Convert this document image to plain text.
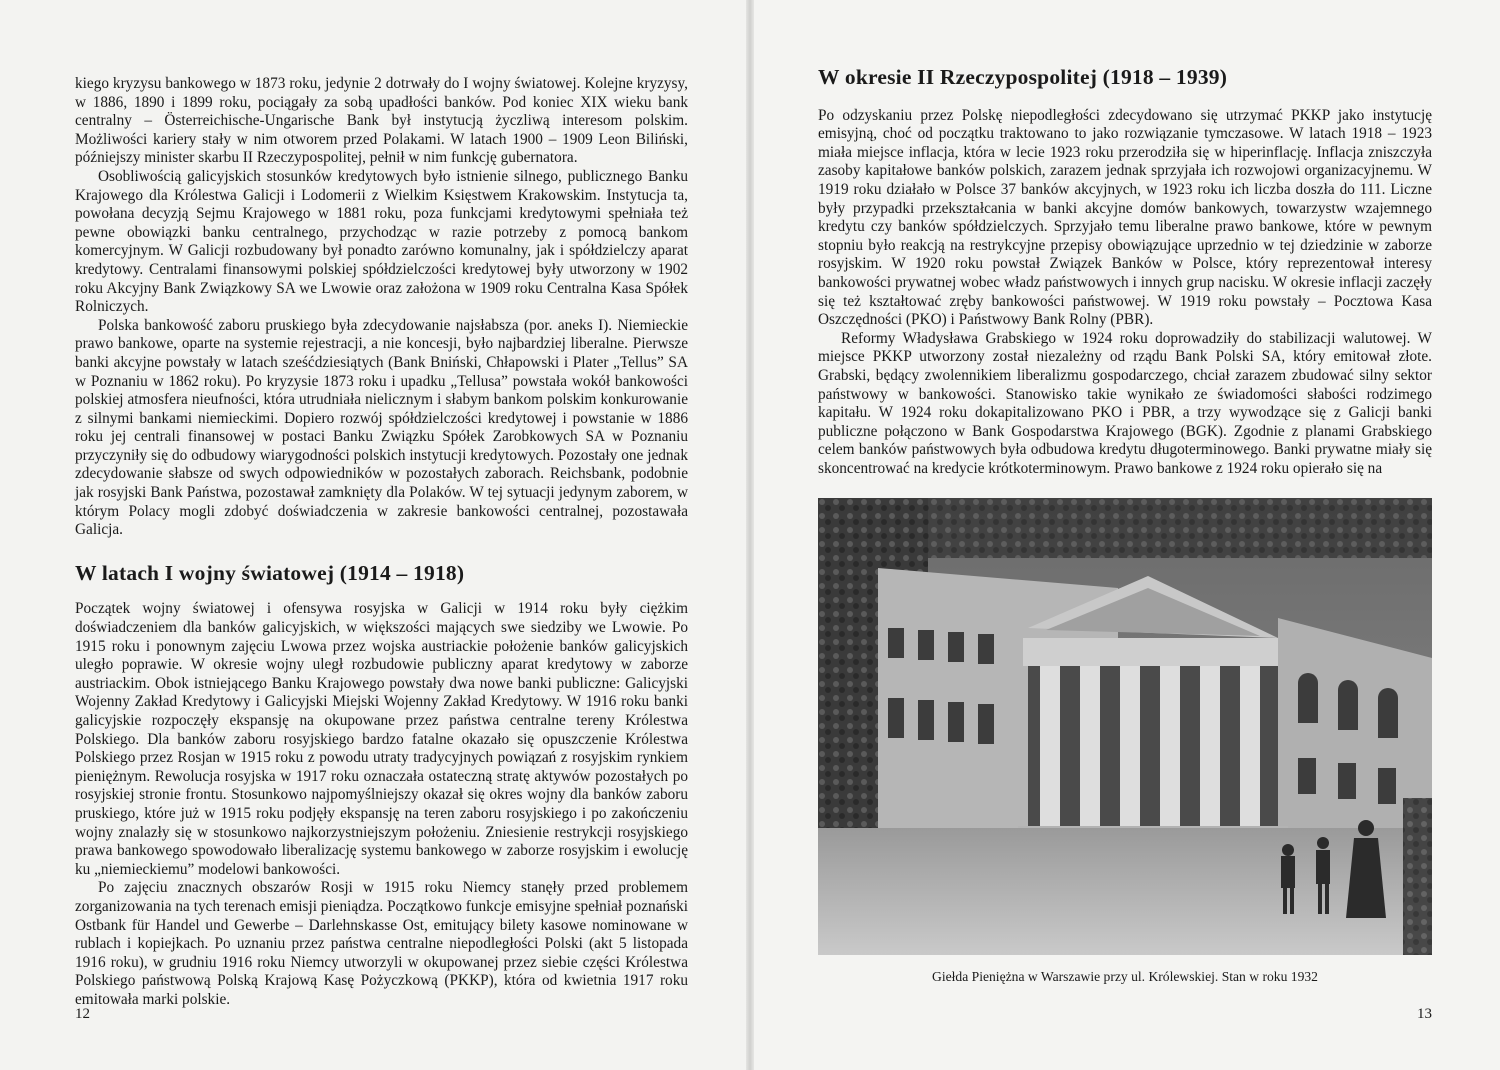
kiego kryzysu bankowego w 1873 roku, jedynie 2 dotrwały do I wojny światowej. Kolejne kryzysy, w 1886, 1890 i 1899 roku, pociągały za sobą upadłości banków. Pod koniec XIX wieku bank centralny – Österreichische-Ungarische Bank był instytucją życzliwą interesom polskim. Możliwości kariery stały w nim otworem przed Polakami. W latach 1900 – 1909 Leon Biliński, późniejszy minister skarbu II Rzeczypospolitej, pełnił w nim funkcję gubernatora.

Osobliwością galicyjskich stosunków kredytowych było istnienie silnego, publicznego Banku Krajowego dla Królestwa Galicji i Lodomerii z Wielkim Księstwem Krakowskim. Instytucja ta, powołana decyzją Sejmu Krajowego w 1881 roku, poza funkcjami kredytowymi spełniała też pewne obowiązki banku centralnego, przychodząc w razie potrzeby z pomocą bankom komercyjnym. W Galicji rozbudowany był ponadto zarówno komunalny, jak i spółdzielczy aparat kredytowy. Centralami finansowymi polskiej spółdzielczości kredytowej były utworzony w 1902 roku Akcyjny Bank Związkowy SA we Lwowie oraz założona w 1909 roku Centralna Kasa Spółek Rolniczych.

Polska bankowość zaboru pruskiego była zdecydowanie najsłabsza (por. aneks I). Niemieckie prawo bankowe, oparte na systemie rejestracji, a nie koncesji, było najbardziej liberalne. Pierwsze banki akcyjne powstały w latach sześćdziesiątych (Bank Bniński, Chłapowski i Plater „Tellus” SA w Poznaniu w 1862 roku). Po kryzysie 1873 roku i upadku „Tellusa” powstała wokół bankowości polskiej atmosfera nieufności, która utrudniała nielicznym i słabym bankom polskim konkurowanie z silnymi bankami niemieckimi. Dopiero rozwój spółdzielczości kredytowej i powstanie w 1886 roku jej centrali finansowej w postaci Banku Związku Spółek Zarobkowych SA w Poznaniu przyczyniły się do odbudowy wiarygodności polskich instytucji kredytowych. Pozostały one jednak zdecydowanie słabsze od swych odpowiedników w pozostałych zaborach. Reichsbank, podobnie jak rosyjski Bank Państwa, pozostawał zamknięty dla Polaków. W tej sytuacji jedynym zaborem, w którym Polacy mogli zdobyć doświadczenia w zakresie bankowości centralnej, pozostawała Galicja.

W latach I wojny światowej (1914 – 1918)

Początek wojny światowej i ofensywa rosyjska w Galicji w 1914 roku były ciężkim doświadczeniem dla banków galicyjskich, w większości mających swe siedziby we Lwowie. Po 1915 roku i ponownym zajęciu Lwowa przez wojska austriackie położenie banków galicyjskich uległo poprawie. W okresie wojny uległ rozbudowie publiczny aparat kredytowy w zaborze austriackim. Obok istniejącego Banku Krajowego powstały dwa nowe banki publiczne: Galicyjski Wojenny Zakład Kredytowy i Galicyjski Miejski Wojenny Zakład Kredytowy. W 1916 roku banki galicyjskie rozpoczęły ekspansję na okupowane przez państwa centralne tereny Królestwa Polskiego. Dla banków zaboru rosyjskiego bardzo fatalne okazało się opuszczenie Królestwa Polskiego przez Rosjan w 1915 roku z powodu utraty tradycyjnych powiązań z rosyjskim rynkiem pieniężnym. Rewolucja rosyjska w 1917 roku oznaczała ostateczną stratę aktywów pozostałych po rosyjskiej stronie frontu. Stosunkowo najpomyślniejszy okazał się okres wojny dla banków zaboru pruskiego, które już w 1915 roku podjęły ekspansję na teren zaboru rosyjskiego i po zakończeniu wojny znalazły się w stosunkowo najkorzystniejszym położeniu. Zniesienie restrykcji rosyjskiego prawa bankowego spowodowało liberalizację systemu bankowego w zaborze rosyjskim i ewolucję ku „niemieckiemu” modelowi bankowości.

Po zajęciu znacznych obszarów Rosji w 1915 roku Niemcy stanęły przed problemem zorganizowania na tych terenach emisji pieniądza. Początkowo funkcje emisyjne spełniał poznański Ostbank für Handel und Gewerbe – Darlehnskasse Ost, emitujący bilety kasowe nominowane w rublach i kopiejkach. Po uznaniu przez państwa centralne niepodległości Polski (akt 5 listopada 1916 roku), w grudniu 1916 roku Niemcy utworzyli w okupowanej przez siebie części Królestwa Polskiego państwową Polską Krajową Kasę Pożyczkową (PKKP), która od kwietnia 1917 roku emitowała marki polskie.

12
W okresie II Rzeczypospolitej (1918 – 1939)

Po odzyskaniu przez Polskę niepodległości zdecydowano się utrzymać PKKP jako instytucję emisyjną, choć od początku traktowano to jako rozwiązanie tymczasowe. W latach 1918 – 1923 miała miejsce inflacja, która w lecie 1923 roku przerodziła się w hiperinflację. Inflacja zniszczyła zasoby kapitałowe banków polskich, zarazem jednak sprzyjała ich rozwojowi organizacyjnemu. W 1919 roku działało w Polsce 37 banków akcyjnych, w 1923 roku ich liczba doszła do 111. Liczne były przypadki przekształcania w banki akcyjne domów bankowych, towarzystw wzajemnego kredytu czy banków spółdzielczych. Sprzyjało temu liberalne prawo bankowe, które w pewnym stopniu było reakcją na restrykcyjne przepisy obowiązujące uprzednio w tej dziedzinie w zaborze rosyjskim. W 1920 roku powstał Związek Banków w Polsce, który reprezentował interesy bankowości prywatnej wobec władz państwowych i innych grup nacisku. W okresie inflacji zaczęły się też kształtować zręby bankowości państwowej. W 1919 roku powstały – Pocztowa Kasa Oszczędności (PKO) i Państwowy Bank Rolny (PBR).

Reformy Władysława Grabskiego w 1924 roku doprowadziły do stabilizacji walutowej. W miejsce PKKP utworzony został niezależny od rządu Bank Polski SA, który emitował złote. Grabski, będący zwolennikiem liberalizmu gospodarczego, chciał zarazem zbudować silny sektor państwowy w bankowości. Stanowisko takie wynikało ze świadomości słabości rodzimego kapitału. W 1924 roku dokapitalizowano PKO i PBR, a trzy wywodzące się z Galicji banki publiczne połączono w Bank Gospodarstwa Krajowego (BGK). Zgodnie z planami Grabskiego celem banków państwowych była odbudowa kredytu długoterminowego. Banki prywatne miały się skoncentrować na kredycie krótkoterminowym. Prawo bankowe z 1924 roku opierało się na

Giełda Pieniężna w Warszawie przy ul. Królewskiej. Stan w roku 1932
13
